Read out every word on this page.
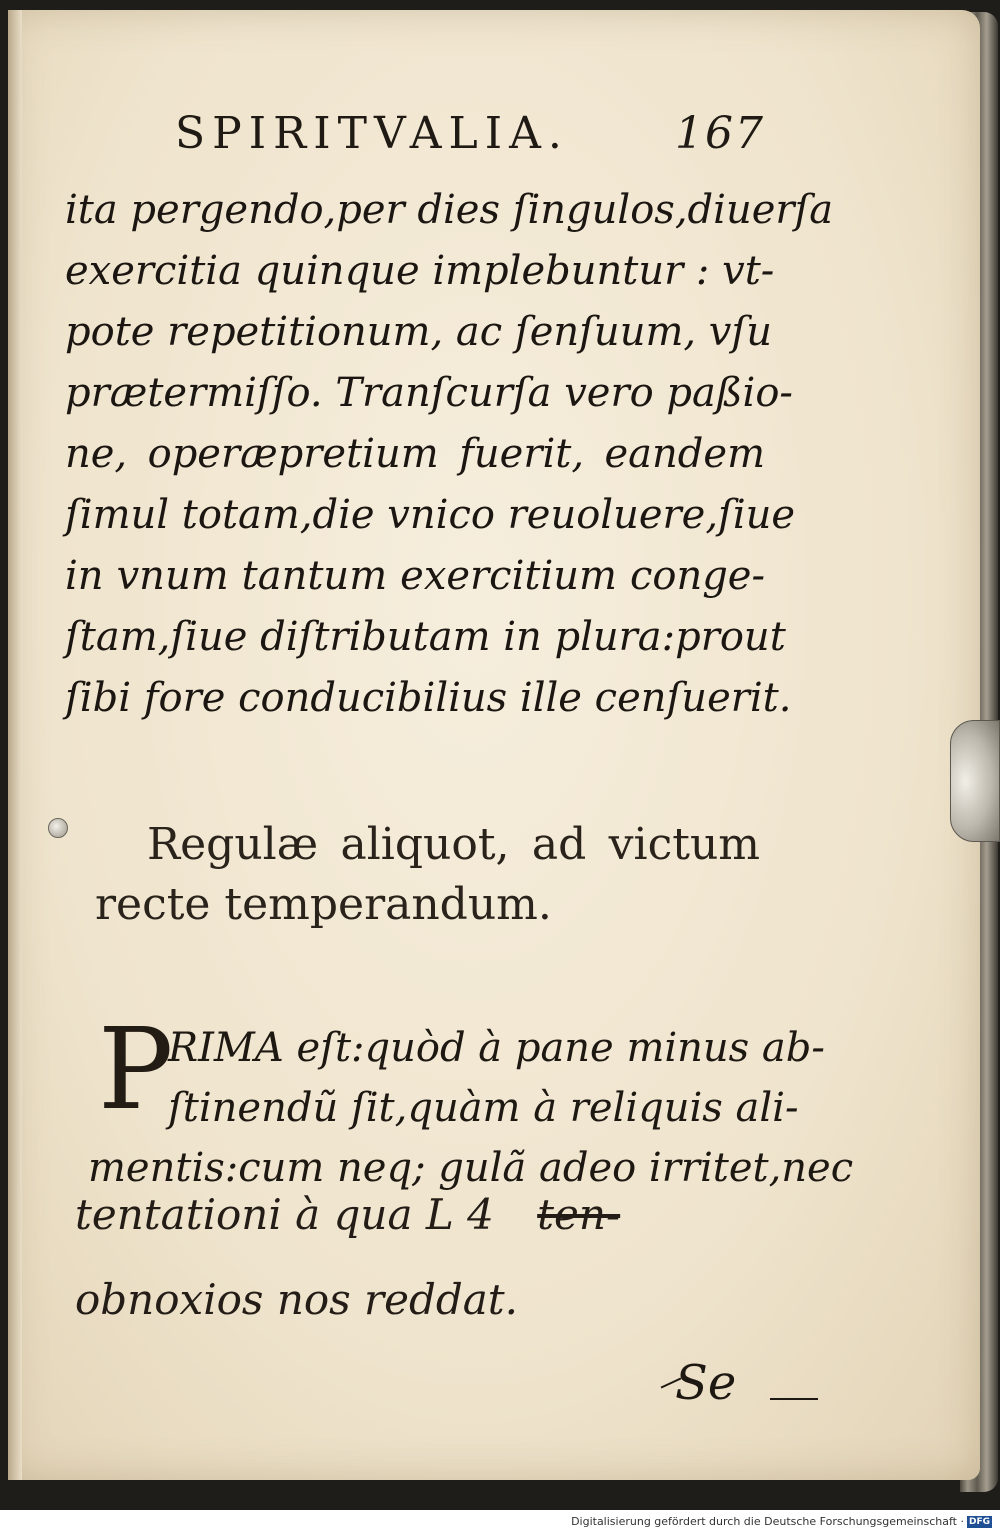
SPIRITVALIA.	167
ita pergendo,per dies ſingulos,diuerſa
exercitia quinque implebuntur : vt-
pote repetitionum, ac ſenſuum, vſu
prætermiſſo. Tranſcurſa vero paßio-
ne, operæpretium fuerit, eandem
ſimul totam,die vnico reuoluere,ſiue
in vnum tantum exercitium conge-
ſtam,ſiue diſtributam in plura:prout
ſibi fore conducibilius ille cenſuerit.
Regulæ aliquot, ad victum
recte temperandum.
P
RIMA eſt:quòd à pane minus ab-
ſtinendũ ſit,quàm à reliquis ali-
mentis:cum neq; gulã adeo irritet,nec
tentationi à qua L 4 ten-
obnoxios nos reddat.
Se
Digitalisierung gefördert durch die Deutsche Forschungsgemeinschaft · DFG
